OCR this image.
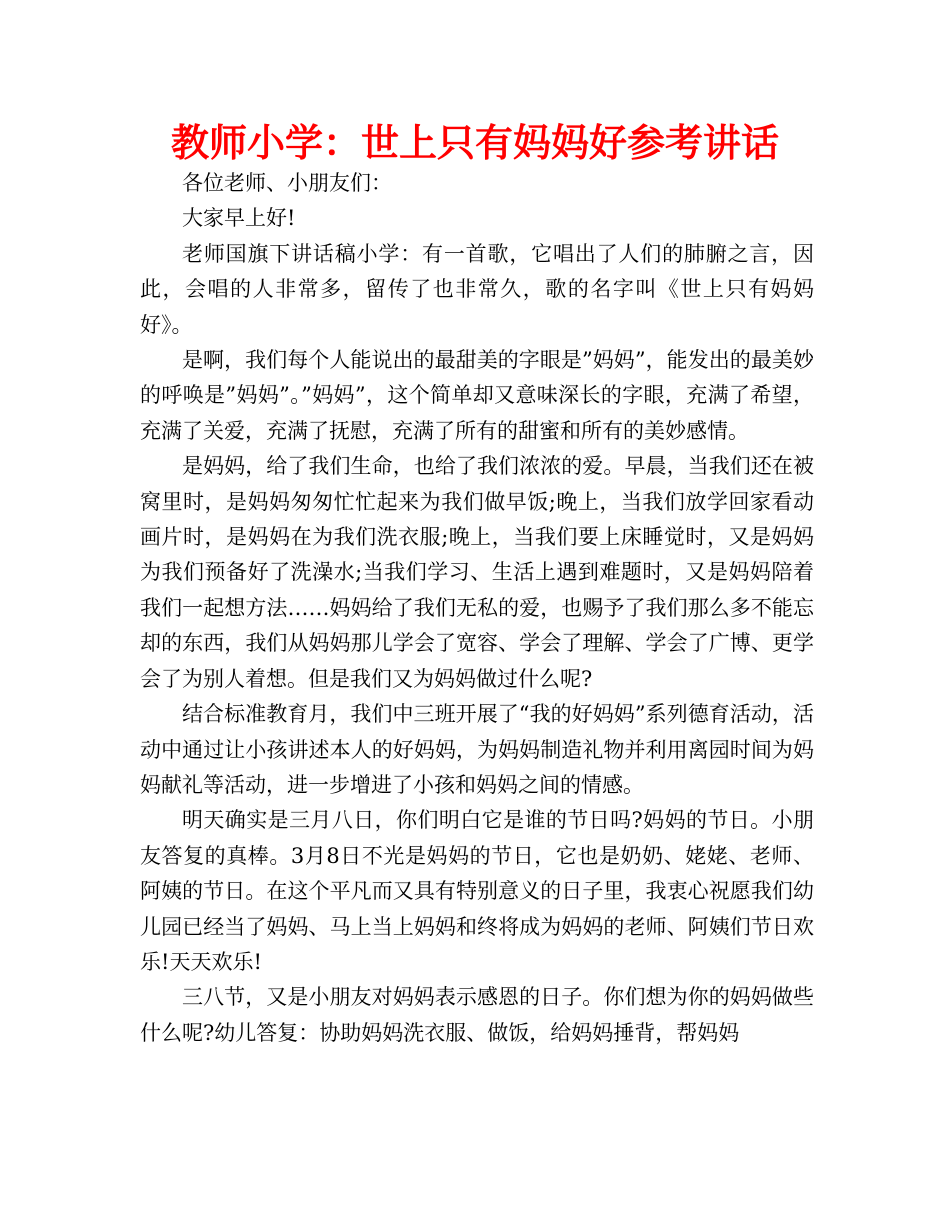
教师小学：世上只有妈妈好参考讲话

各位老师、小朋友们：

大家早上好!

老师国旗下讲话稿小学：有一首歌，它唱出了人们的肺腑之言，因此，会唱的人非常多，留传了也非常久，歌的名字叫《世上只有妈妈好》。

是啊，我们每个人能说出的最甜美的字眼是”妈妈”，能发出的最美妙的呼唤是”妈妈”。”妈妈”，这个简单却又意味深长的字眼，充满了希望，充满了关爱，充满了抚慰，充满了所有的甜蜜和所有的美妙感情。

是妈妈，给了我们生命，也给了我们浓浓的爱。早晨，当我们还在被窝里时，是妈妈匆匆忙忙起来为我们做早饭;晚上，当我们放学回家看动画片时，是妈妈在为我们洗衣服;晚上，当我们要上床睡觉时，又是妈妈为我们预备好了洗澡水;当我们学习、生活上遇到难题时，又是妈妈陪着我们一起想方法……妈妈给了我们无私的爱，也赐予了我们那么多不能忘却的东西，我们从妈妈那儿学会了宽容、学会了理解、学会了广博、更学会了为别人着想。但是我们又为妈妈做过什么呢?

结合标准教育月，我们中三班开展了“我的好妈妈”系列德育活动，活动中通过让小孩讲述本人的好妈妈，为妈妈制造礼物并利用离园时间为妈妈献礼等活动，进一步增进了小孩和妈妈之间的情感。

明天确实是三月八日，你们明白它是谁的节日吗?妈妈的节日。小朋友答复的真棒。3月8日不光是妈妈的节日，它也是奶奶、姥姥、老师、阿姨的节日。在这个平凡而又具有特别意义的日子里，我衷心祝愿我们幼儿园已经当了妈妈、马上当上妈妈和终将成为妈妈的老师、阿姨们节日欢乐!天天欢乐!

三八节，又是小朋友对妈妈表示感恩的日子。你们想为你的妈妈做些什么呢?幼儿答复：协助妈妈洗衣服、做饭，给妈妈捶背，帮妈妈
